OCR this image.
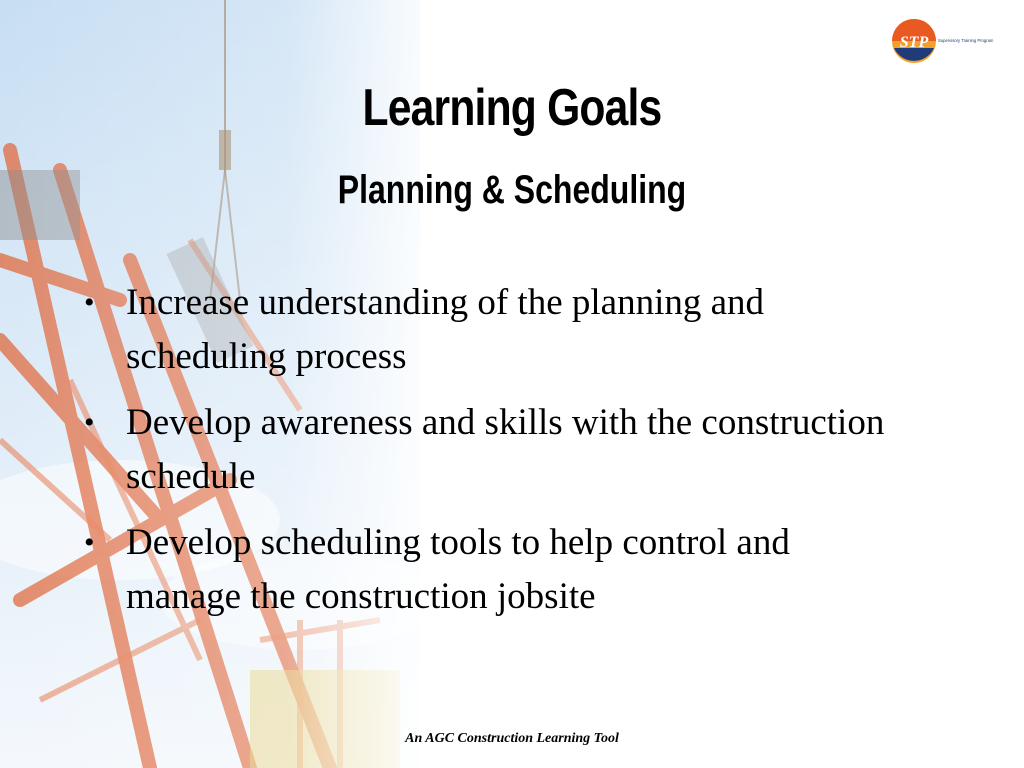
STP Supervisory Training Program
Learning Goals
Planning & Scheduling
• Increase understanding of the planning and scheduling process
• Develop awareness and skills with the construction schedule
• Develop scheduling tools to help control and manage the construction jobsite
An AGC Construction Learning Tool
